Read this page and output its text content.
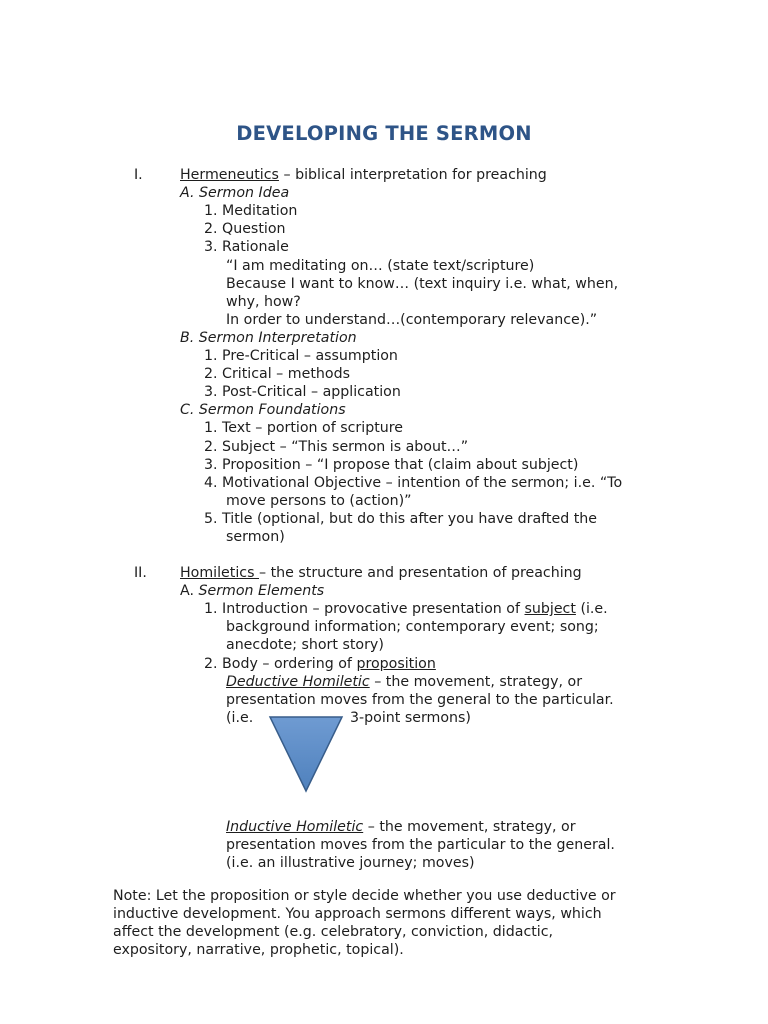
DEVELOPING THE SERMON
I.	Hermeneutics – biblical interpretation for preaching
A. Sermon Idea
1. Meditation
2. Question
3. Rationale
“I am meditating on… (state text/scripture)
Because I want to know… (text inquiry i.e. what, when,
why, how?
In order to understand…(contemporary relevance).”
B. Sermon Interpretation
1. Pre-Critical – assumption
2. Critical – methods
3. Post-Critical – application
C. Sermon Foundations
1. Text – portion of scripture
2. Subject – “This sermon is about…”
3. Proposition – “I propose that (claim about subject)
4. Motivational Objective – intention of the sermon; i.e. “To
move persons to (action)”
5. Title (optional, but do this after you have drafted the
sermon)
II. Homiletics – the structure and presentation of preaching
A. Sermon Elements
1. Introduction – provocative presentation of subject (i.e.
background information; contemporary event; song;
anecdote; short story)
2. Body – ordering of proposition
Deductive Homiletic – the movement, strategy, or
presentation moves from the general to the particular.
(i.e.	3-point sermons)
Inductive Homiletic – the movement, strategy, or
presentation moves from the particular to the general.
(i.e. an illustrative journey; moves)
Note: Let the proposition or style decide whether you use deductive or
inductive development. You approach sermons different ways, which
affect the development (e.g. celebratory, conviction, didactic,
expository, narrative, prophetic, topical).
